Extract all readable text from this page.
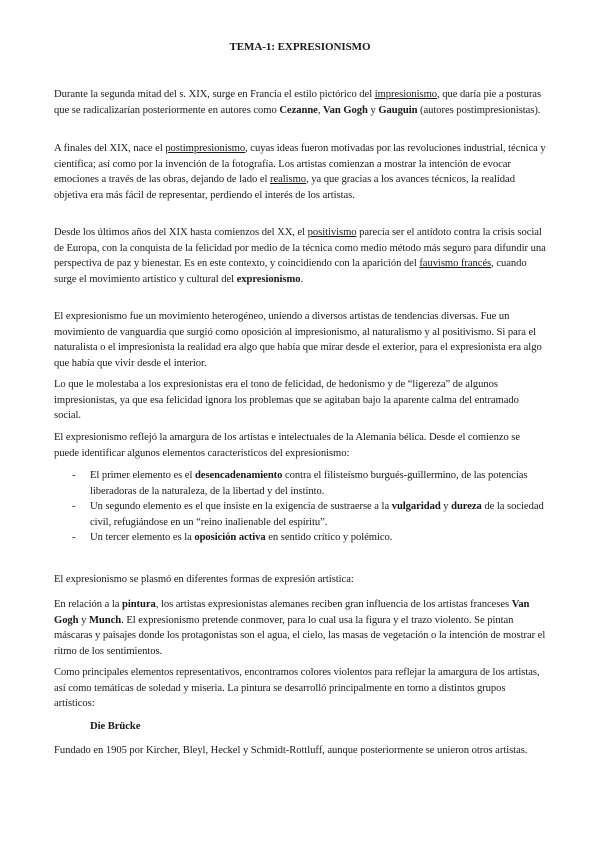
TEMA-1: EXPRESIONISMO

Durante la segunda mitad del s. XIX, surge en Francia el estilo pictórico del impresionismo, que daría pie a posturas que se radicalizarían posteriormente en autores como Cezanne, Van Gogh y Gauguin (autores postimpresionistas).

A finales del XIX, nace el postimpresionismo, cuyas ideas fueron motivadas por las revoluciones industrial, técnica y científica; así como por la invención de la fotografía. Los artistas comienzan a mostrar la intención de evocar emociones a través de las obras, dejando de lado el realismo, ya que gracias a los avances técnicos, la realidad objetiva era más fácil de representar, perdiendo el interés de los artistas.

Desde los últimos años del XIX hasta comienzos del XX, el positivismo parecía ser el antídoto contra la crisis social de Europa, con la conquista de la felicidad por medio de la técnica como medio método más seguro para difundir una perspectiva de paz y bienestar. Es en este contexto, y coincidiendo con la aparición del fauvismo francés, cuando surge el movimiento artístico y cultural del expresionismo.

El expresionismo fue un movimiento heterogéneo, uniendo a diversos artistas de tendencias diversas. Fue un movimiento de vanguardia que surgió como oposición al impresionismo, al naturalismo y al positivismo. Si para el naturalista o el impresionista la realidad era algo que había que mirar desde el exterior, para el expresionista era algo que había que vivir desde el interior.

Lo que le molestaba a los expresionistas era el tono de felicidad, de hedonismo y de “ligereza” de algunos impresionistas, ya que esa felicidad ignora los problemas que se agitaban bajo la aparente calma del entramado social.

El expresionismo reflejó la amargura de los artistas e intelectuales de la Alemania bélica. Desde el comienzo se puede identificar algunos elementos característicos del expresionismo:

- El primer elemento es el desencadenamiento contra el filisteísmo burgués-guillermino, de las potencias liberadoras de la naturaleza, de la libertad y del instinto.
- Un segundo elemento es el que insiste en la exigencia de sustraerse a la vulgaridad y dureza de la sociedad civil, refugiándose en un “reino inalienable del espíritu”.
- Un tercer elemento es la oposición activa en sentido crítico y polémico.

El expresionismo se plasmó en diferentes formas de expresión artística:

En relación a la pintura, los artistas expresionistas alemanes reciben gran influencia de los artistas franceses Van Gogh y Munch. El expresionismo pretende conmover, para lo cual usa la figura y el trazo violento. Se pintan máscaras y paisajes donde los protagonistas son el agua, el cielo, las masas de vegetación o la intención de mostrar el ritmo de los sentimientos.

Como principales elementos representativos, encontramos colores violentos para reflejar la amargura de los artistas, así como temáticas de soledad y miseria. La pintura se desarrolló principalmente en torno a distintos grupos artísticos:

Die Brücke

Fundado en 1905 por Kircher, Bleyl, Heckel y Schmidt-Rottluff, aunque posteriormente se unieron otros artistas.
